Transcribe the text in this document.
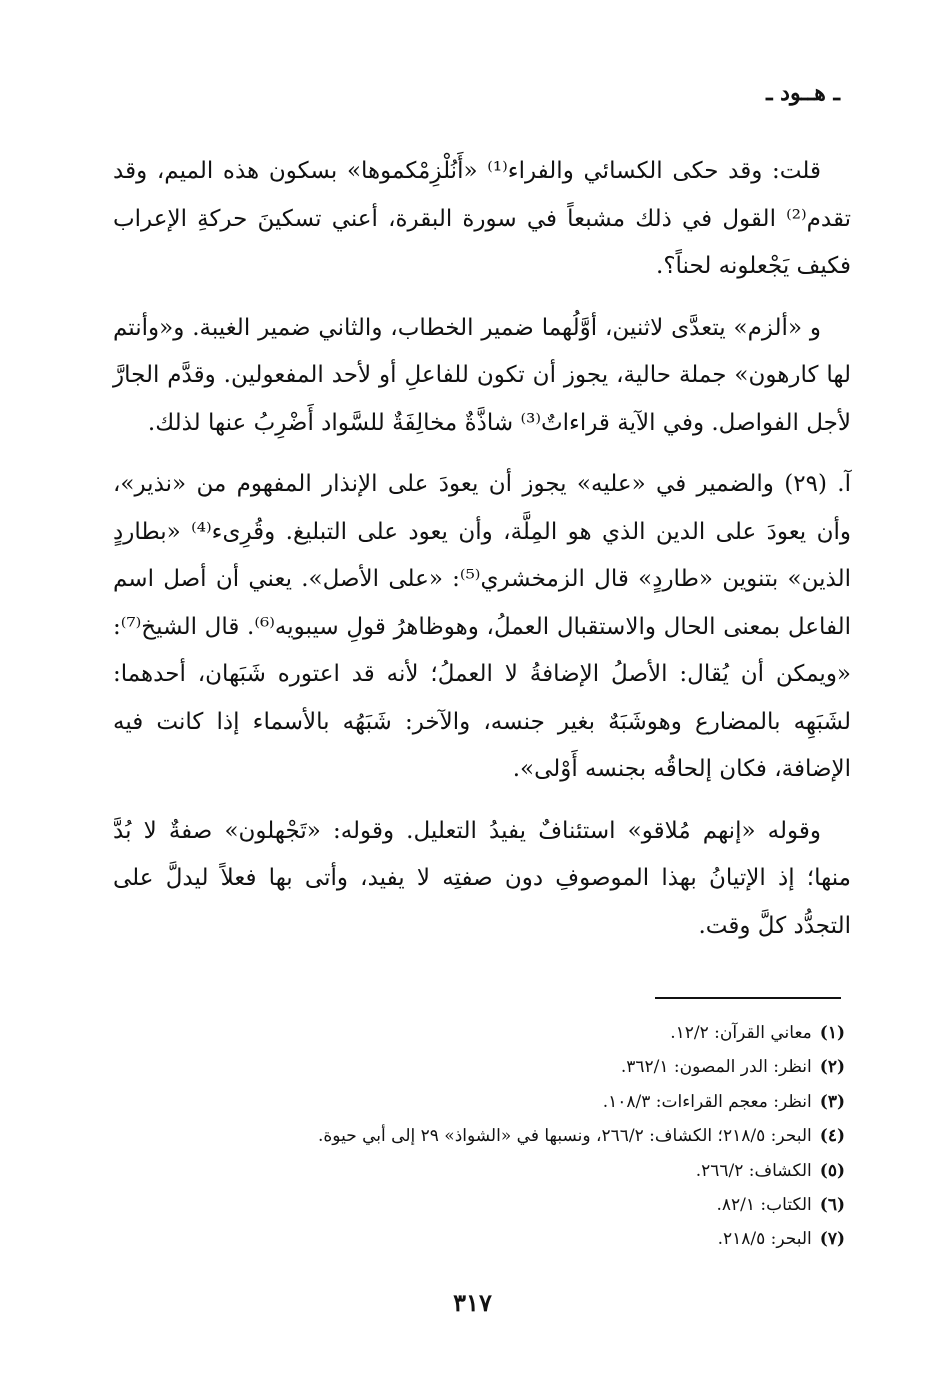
ـ هــود ـ

قلت: وقد حكى الكسائي والفراء⁽¹⁾ «أَنُلْزِمْكموها» بسكون هذه الميم، وقد تقدم⁽²⁾ القول في ذلك مشبعاً في سورة البقرة، أعني تسكينَ حركةِ الإعراب فكيف يَجْعلونه لحناً؟.

و «ألزم» يتعدَّى لاثنين، أوَّلُهما ضمير الخطاب، والثاني ضمير الغيبة. و«وأنتم لها كارهون» جملة حالية، يجوز أن تكون للفاعلِ أو لأحد المفعولين. وقدَّم الجارَّ لأجل الفواصل. وفي الآية قراءاتٌ⁽³⁾ شاذَّةٌ مخالِفَةٌ للسَّواد أَضْرِبُ عنها لذلك.

آ. (٢٩) والضمير في «عليه» يجوز أن يعودَ على الإنذار المفهوم من «نذير»، وأن يعودَ على الدين الذي هو المِلَّة، وأن يعود على التبليغ. وقُرِىء⁽⁴⁾ «بطاردٍ الذين» بتنوين «طاردٍ» قال الزمخشري⁽⁵⁾: «على الأصل». يعني أن أصل اسم الفاعل بمعنى الحال والاستقبال العملُ، وهوظاهرُ قولِ سيبويه⁽⁶⁾. قال الشيخ⁽⁷⁾: «ويمكن أن يُقال: الأصلُ الإضافةُ لا العملُ؛ لأنه قد اعتوره شَبَهان، أحدهما: لشَبَهِه بالمضارع وهوشَبَهٌ بغير جنسه، والآخر: شَبَهُه بالأسماء إذا كانت فيه الإضافة، فكان إلحاقُه بجنسه أَوْلى».

وقوله «إنهم مُلاقو» استئنافٌ يفيدُ التعليل. وقوله: «تَجْهلون» صفةٌ لا بُدَّ منها؛ إذ الإتيانُ بهذا الموصوفِ دون صفتِه لا يفيد، وأتى بها فعلاً ليدلَّ على التجدُّد كلَّ وقت.

(١)معاني القرآن: ١٢/٢.
(٢)انظر: الدر المصون: ٣٦٢/١.
(٣)انظر: معجم القراءات: ١٠٨/٣.
(٤)البحر: ٢١٨/٥؛ الكشاف: ٢٦٦/٢، ونسبها في «الشواذ» ٢٩ إلى أبي حيوة.
(٥)الكشاف: ٢٦٦/٢.
(٦)الكتاب: ٨٢/١.
(٧)البحر: ٢١٨/٥.
٣١٧
